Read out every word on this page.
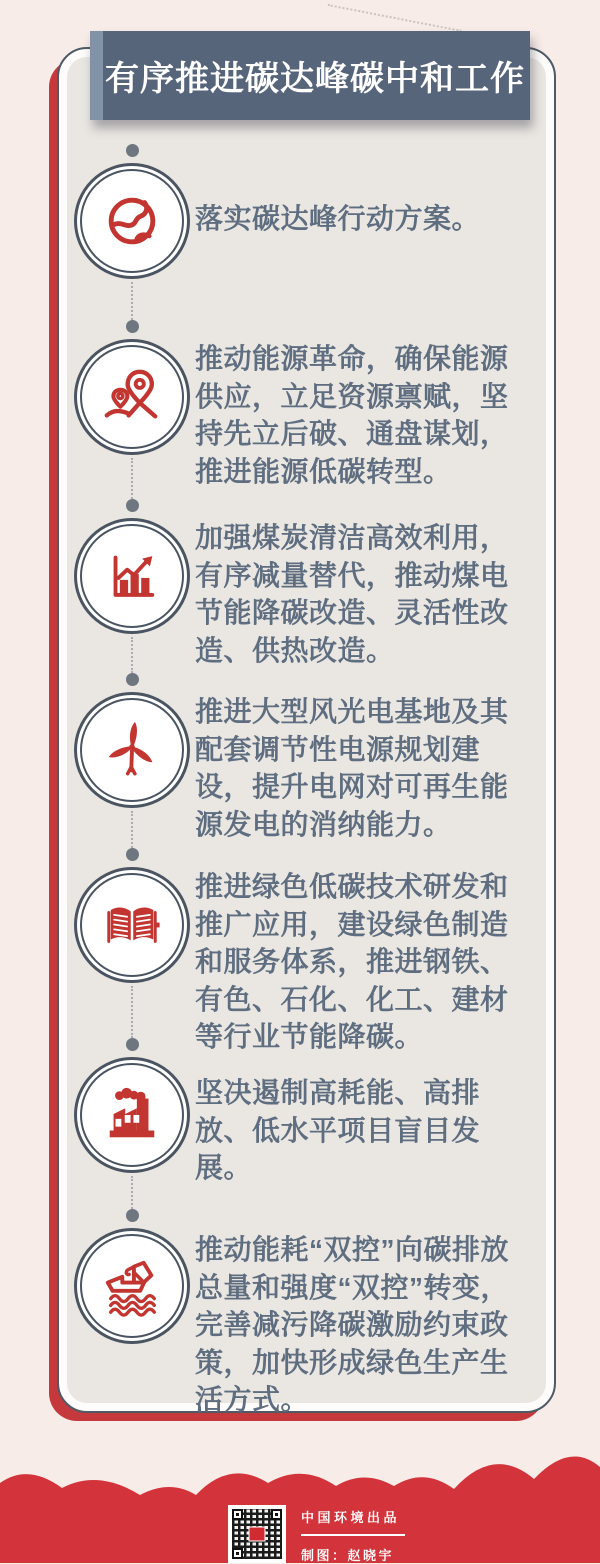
落实碳达峰行动方案。
推动能源革命，确保能源供应，立足资源禀赋，坚持先立后破、通盘谋划，推进能源低碳转型。
加强煤炭清洁高效利用，有序减量替代，推动煤电节能降碳改造、灵活性改造、供热改造。
推进大型风光电基地及其配套调节性电源规划建设，提升电网对可再生能源发电的消纳能力。
推进绿色低碳技术研发和推广应用，建设绿色制造和服务体系，推进钢铁、有色、石化、化工、建材等行业节能降碳。
坚决遏制高耗能、高排放、低水平项目盲目发展。
推动能耗“双控”向碳排放总量和强度“双控”转变，完善减污降碳激励约束政策，加快形成绿色生产生活方式。
有序推进碳达峰碳中和工作
中国环境出品
制图：赵晓宇
